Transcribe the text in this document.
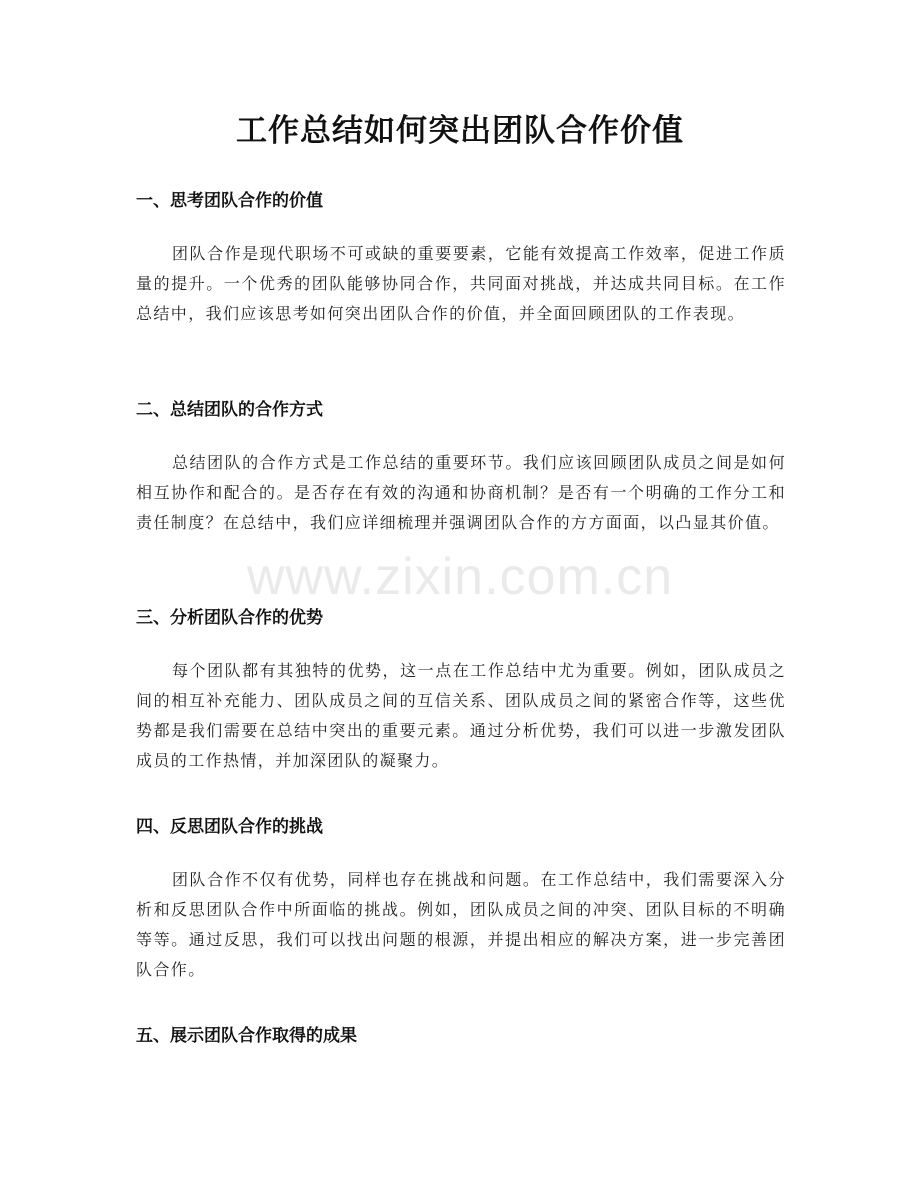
工作总结如何突出团队合作价值
一、思考团队合作的价值

团队合作是现代职场不可或缺的重要要素，它能有效提高工作效率，促进工作质量的提升。一个优秀的团队能够协同合作，共同面对挑战，并达成共同目标。在工作总结中，我们应该思考如何突出团队合作的价值，并全面回顾团队的工作表现。

二、总结团队的合作方式

总结团队的合作方式是工作总结的重要环节。我们应该回顾团队成员之间是如何相互协作和配合的。是否存在有效的沟通和协商机制？是否有一个明确的工作分工和责任制度？在总结中，我们应详细梳理并强调团队合作的方方面面，以凸显其价值。

三、分析团队合作的优势

每个团队都有其独特的优势，这一点在工作总结中尤为重要。例如，团队成员之间的相互补充能力、团队成员之间的互信关系、团队成员之间的紧密合作等，这些优势都是我们需要在总结中突出的重要元素。通过分析优势，我们可以进一步激发团队成员的工作热情，并加深团队的凝聚力。

四、反思团队合作的挑战

团队合作不仅有优势，同样也存在挑战和问题。在工作总结中，我们需要深入分析和反思团队合作中所面临的挑战。例如，团队成员之间的冲突、团队目标的不明确等等。通过反思，我们可以找出问题的根源，并提出相应的解决方案，进一步完善团队合作。

五、展示团队合作取得的成果
www.zixin.com.cn
